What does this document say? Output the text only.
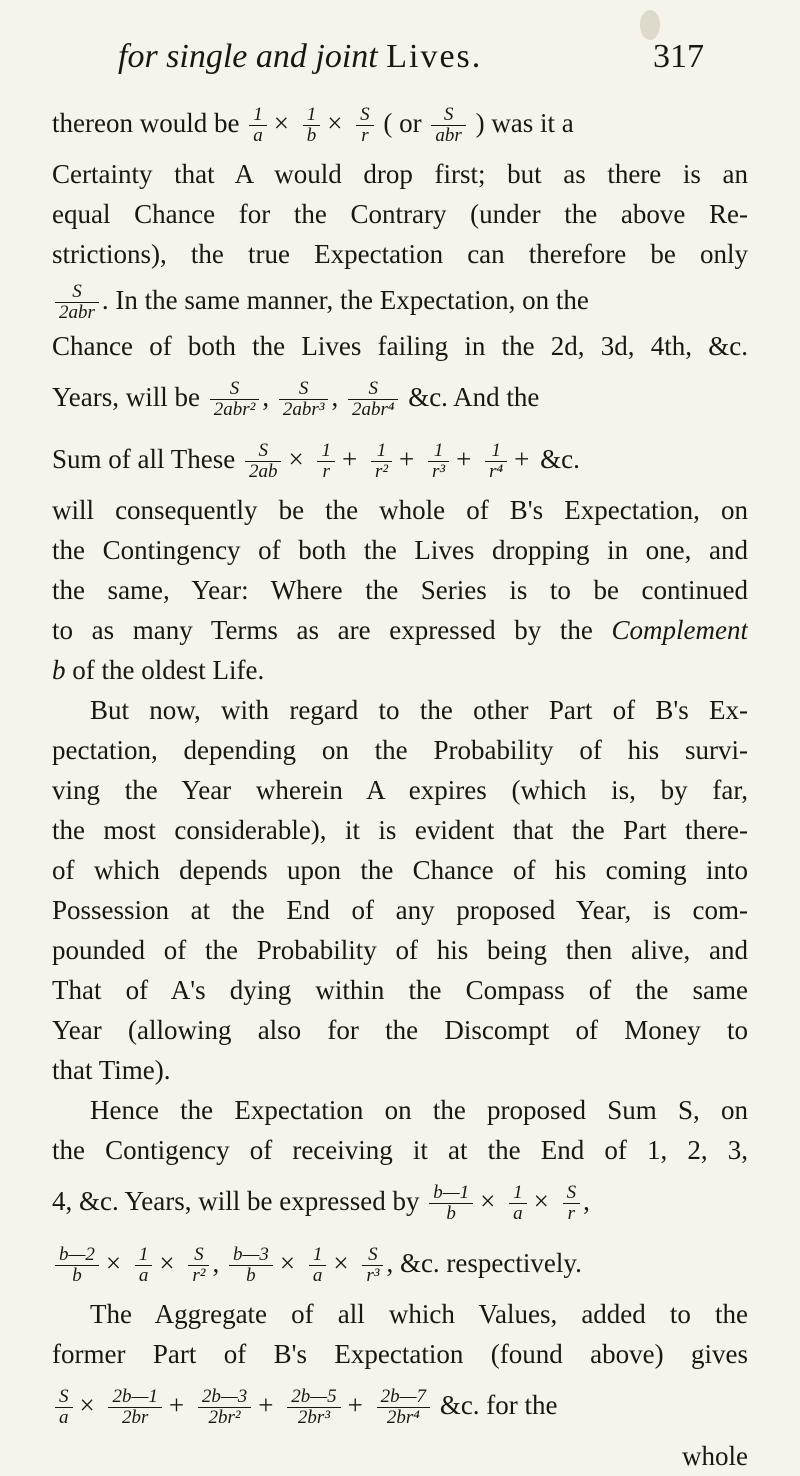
for single and joint Lives.	317
thereon would be $\frac{1}{a} \times \frac{1}{b} \times \frac{S}{r}$ ( or $\frac{S}{\text{abr}}$ ) was it a
Certainty that A would drop first; but as there is an
equal Chance for the Contrary (under the above Re-
strictions), the true Expectation can therefore be only
$\frac{S}{\text{2abr}}$ . In the same manner, the Expectation, on the
Chance of both the Lives failing in the 2d, 3d, 4th, &c.
Years, will be $\frac{S}{\text{2abr²}}$ , $\frac{S}{\text{2abr³}}$ , $\frac{S}{\text{2abr⁴}}$ &c. And the
Sum of all These $\frac{S}{2ab} \times \frac{1}{r} + \frac{1}{\text{r²}} + \frac{1}{\text{r³}} + \frac{1}{\text{r⁴}}$ + &c.
will consequently be the whole of B's Expectation, on
the Contingency of both the Lives dropping in one, and
the same, Year: Where the Series is to be continued
to as many Terms as are expressed by the Complement
b of the oldest Life.
But now, with regard to the other Part of B's Ex-
pectation, depending on the Probability of his survi-
ving the Year wherein A expires (which is, by far,
the most considerable), it is evident that the Part there-
of which depends upon the Chance of his coming into
Possession at the End of any proposed Year, is com-
pounded of the Probability of his being then alive, and
That of A's dying within the Compass of the same
Year (allowing also for the Discompt of Money to
that Time).
Hence the Expectation on the proposed Sum S, on
the Contigency of receiving it at the End of 1, 2, 3,
4, &c. Years, will be expressed by $\frac{b—1}{b} \times \frac{1}{a} \times \frac{S}{r}$ ,
$\frac{b—2}{b} \times \frac{1}{a} \times \frac{S}{\text{r²}}$ , $\frac{b—3}{b} \times \frac{1}{a} \times \frac{S}{\text{r³}}$ , &c. respectively.
The Aggregate of all which Values, added to the
former Part of B's Expectation (found above) gives
$\frac{S}{a} \times \frac{2b—1}{2br} + \frac{2b—3}{\text{2br²}} + \frac{2b—5}{\text{2br³}} + \frac{2b—7}{\text{2br⁴}}$ &c. for the
whole
